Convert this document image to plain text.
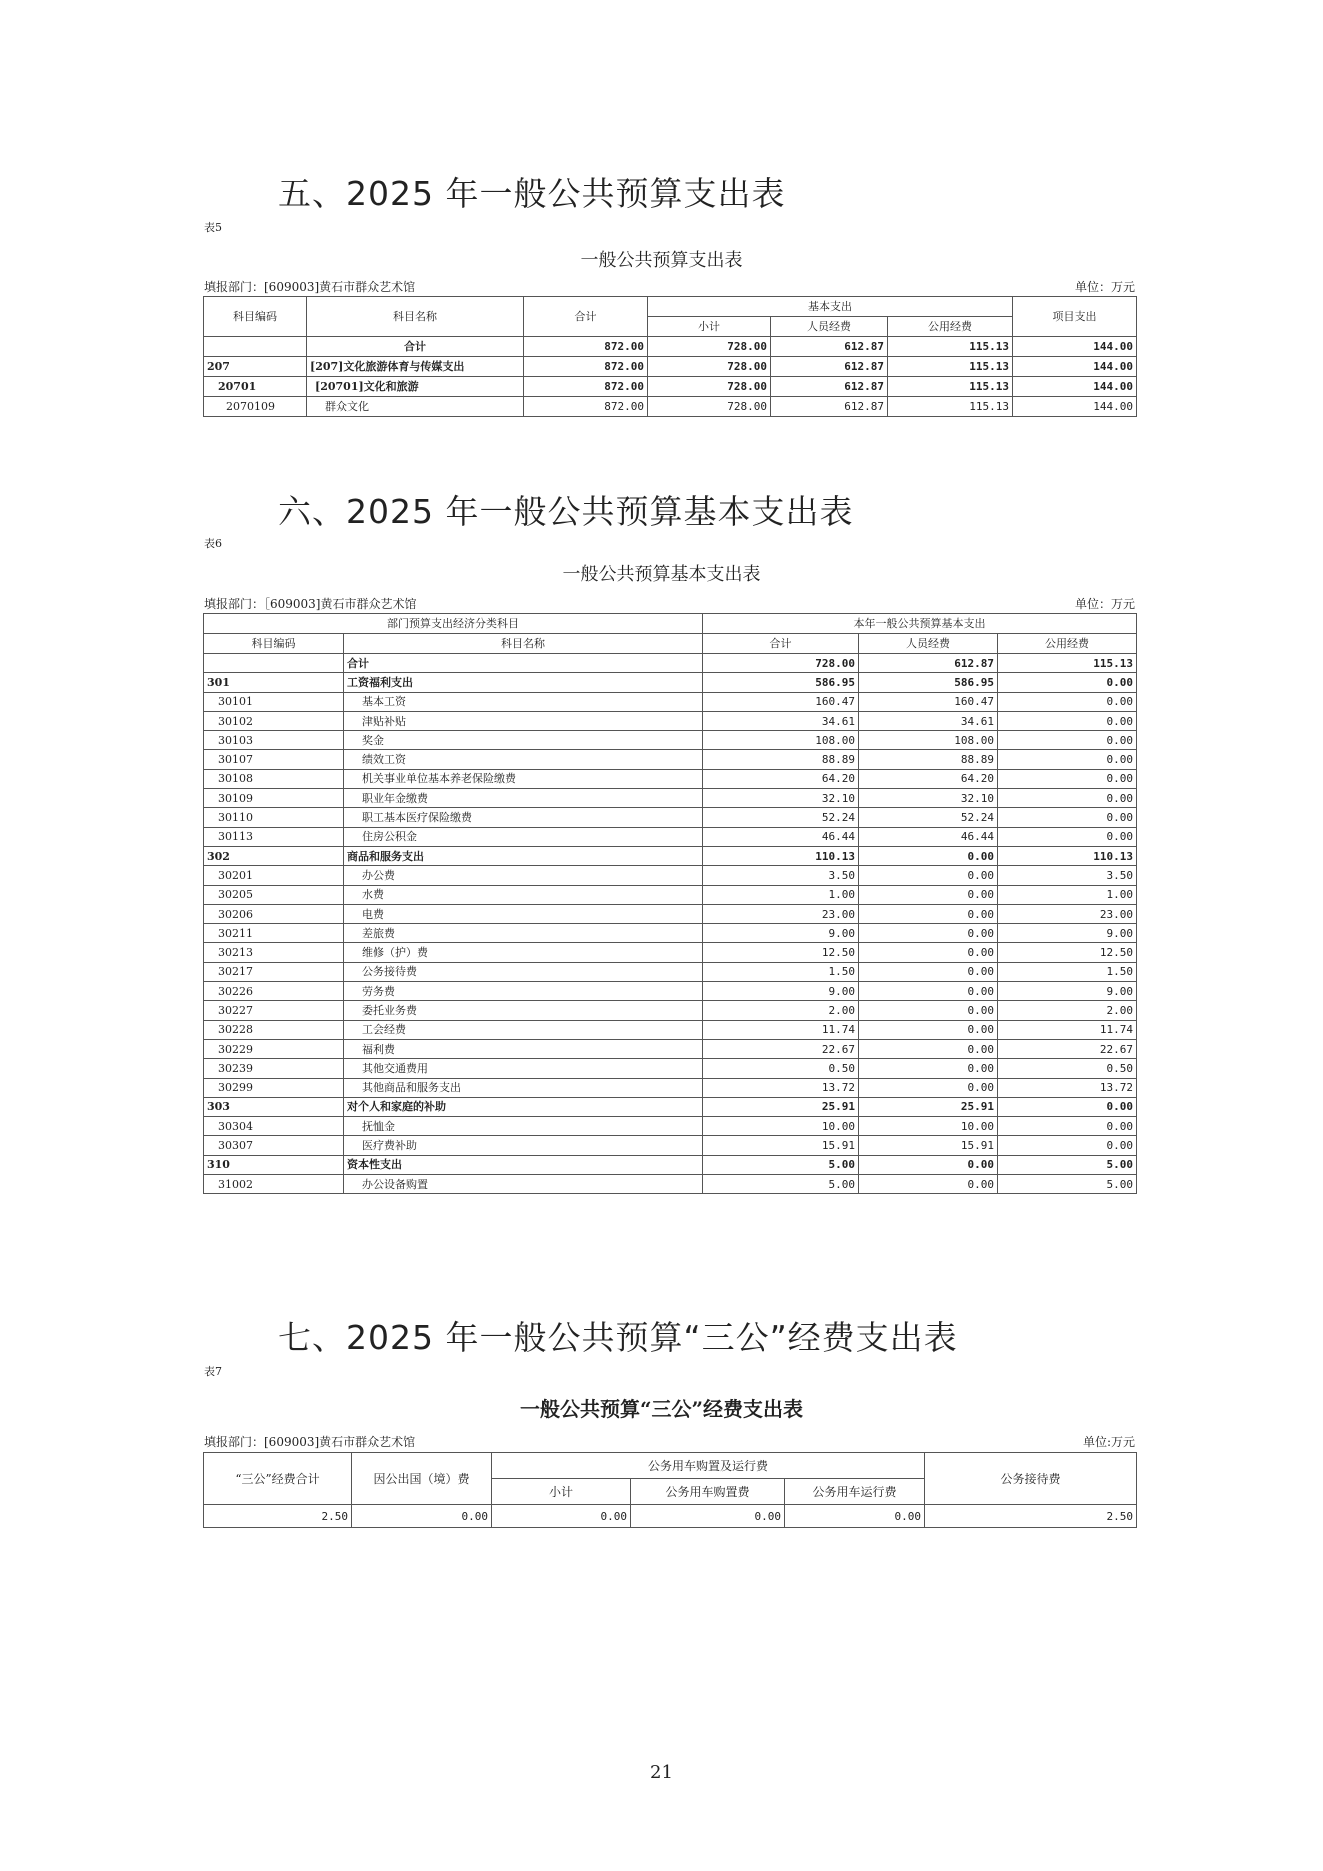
五、2025 年一般公共预算支出表
表5
一般公共预算支出表
填报部门：[609003]黄石市群众艺术馆	单位：万元
科目编码	科目名称	合计	基本支出			项目支出
			小计	人员经费	公用经费	
	合计	872.00	728.00	612.87	115.13	144.00
207	[207]文化旅游体育与传媒支出	872.00	728.00	612.87	115.13	144.00
20701	[20701]文化和旅游	872.00	728.00	612.87	115.13	144.00
2070109	群众文化	872.00	728.00	612.87	115.13	144.00
六、2025 年一般公共预算基本支出表
表6
一般公共预算基本支出表
填报部门：［609003]黄石市群众艺术馆	单位：万元
部门预算支出经济分类科目		本年一般公共预算基本支出		
科目编码	科目名称	合计	人员经费	公用经费
	合计	728.00	612.87	115.13
301	工资福利支出	586.95	586.95	0.00
30101	基本工资	160.47	160.47	0.00
30102	津贴补贴	34.61	34.61	0.00
30103	奖金	108.00	108.00	0.00
30107	绩效工资	88.89	88.89	0.00
30108	机关事业单位基本养老保险缴费	64.20	64.20	0.00
30109	职业年金缴费	32.10	32.10	0.00
30110	职工基本医疗保险缴费	52.24	52.24	0.00
30113	住房公积金	46.44	46.44	0.00
302	商品和服务支出	110.13	0.00	110.13
30201	办公费	3.50	0.00	3.50
30205	水费	1.00	0.00	1.00
30206	电费	23.00	0.00	23.00
30211	差旅费	9.00	0.00	9.00
30213	维修（护）费	12.50	0.00	12.50
30217	公务接待费	1.50	0.00	1.50
30226	劳务费	9.00	0.00	9.00
30227	委托业务费	2.00	0.00	2.00
30228	工会经费	11.74	0.00	11.74
30229	福利费	22.67	0.00	22.67
30239	其他交通费用	0.50	0.00	0.50
30299	其他商品和服务支出	13.72	0.00	13.72
303	对个人和家庭的补助	25.91	25.91	0.00
30304	抚恤金	10.00	10.00	0.00
30307	医疗费补助	15.91	15.91	0.00
310	资本性支出	5.00	0.00	5.00
31002	办公设备购置	5.00	0.00	5.00
七、2025 年一般公共预算“三公”经费支出表
表7
一般公共预算“三公”经费支出表
填报部门：[609003]黄石市群众艺术馆	单位:万元
“三公”经费合计	因公出国（境）费	公务用车购置及运行费			公务接待费
		小计	公务用车购置费	公务用车运行费	
2.50	0.00	0.00	0.00	0.00	2.50
21
